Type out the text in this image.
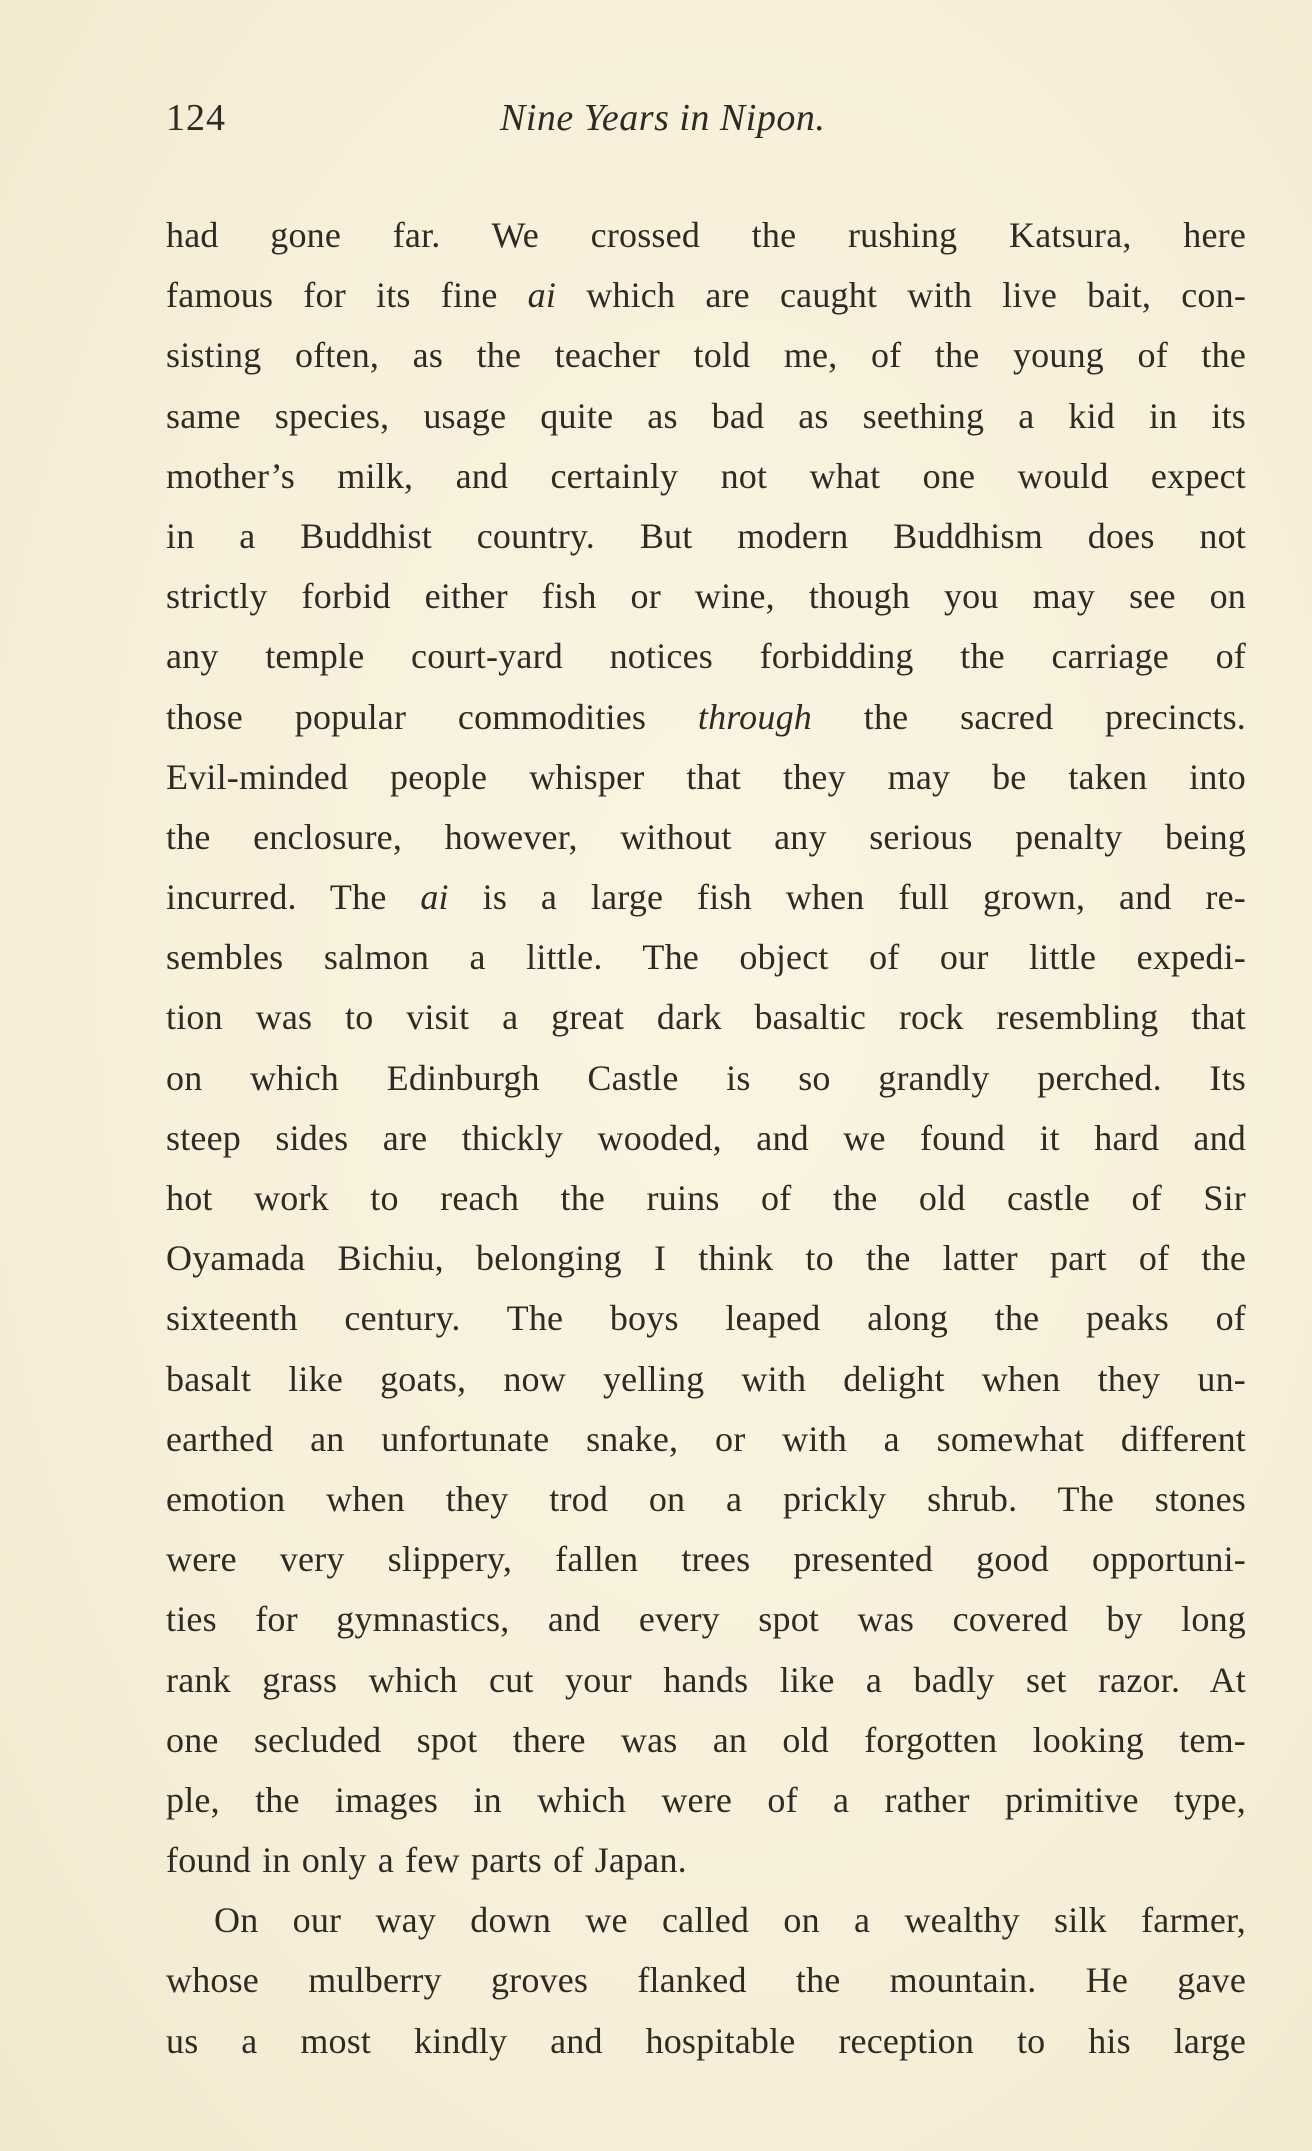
124	Nine Years in Nipon.
had gone far. We crossed the rushing Katsura, here
famous for its fine ai which are caught with live bait, con-
sisting often, as the teacher told me, of the young of the
same species, usage quite as bad as seething a kid in its
mother’s milk, and certainly not what one would expect
in a Buddhist country. But modern Buddhism does not
strictly forbid either fish or wine, though you may see on
any temple court-yard notices forbidding the carriage of
those popular commodities through the sacred precincts.
Evil-minded people whisper that they may be taken into
the enclosure, however, without any serious penalty being
incurred. The ai is a large fish when full grown, and re-
sembles salmon a little. The object of our little expedi-
tion was to visit a great dark basaltic rock resembling that
on which Edinburgh Castle is so grandly perched. Its
steep sides are thickly wooded, and we found it hard and
hot work to reach the ruins of the old castle of Sir
Oyamada Bichiu, belonging I think to the latter part of the
sixteenth century. The boys leaped along the peaks of
basalt like goats, now yelling with delight when they un-
earthed an unfortunate snake, or with a somewhat different
emotion when they trod on a prickly shrub. The stones
were very slippery, fallen trees presented good opportuni-
ties for gymnastics, and every spot was covered by long
rank grass which cut your hands like a badly set razor. At
one secluded spot there was an old forgotten looking tem-
ple, the images in which were of a rather primitive type,
found in only a few parts of Japan.
On our way down we called on a wealthy silk farmer,
whose mulberry groves flanked the mountain. He gave
us a most kindly and hospitable reception to his large
